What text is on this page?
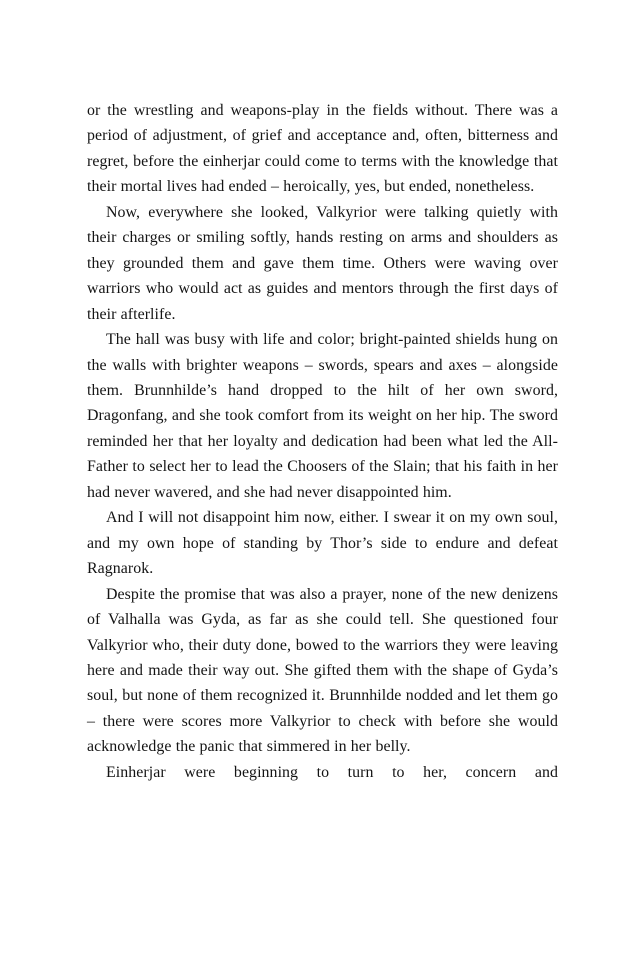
or the wrestling and weapons-play in the fields without. There was a period of adjustment, of grief and acceptance and, often, bitterness and regret, before the einherjar could come to terms with the knowledge that their mortal lives had ended – heroically, yes, but ended, nonetheless.

Now, everywhere she looked, Valkyrior were talking quietly with their charges or smiling softly, hands resting on arms and shoulders as they grounded them and gave them time. Others were waving over warriors who would act as guides and mentors through the first days of their afterlife.

The hall was busy with life and color; bright-painted shields hung on the walls with brighter weapons – swords, spears and axes – alongside them. Brunnhilde’s hand dropped to the hilt of her own sword, Dragonfang, and she took comfort from its weight on her hip. The sword reminded her that her loyalty and dedication had been what led the All-Father to select her to lead the Choosers of the Slain; that his faith in her had never wavered, and she had never disappointed him.

And I will not disappoint him now, either. I swear it on my own soul, and my own hope of standing by Thor’s side to endure and defeat Ragnarok.

Despite the promise that was also a prayer, none of the new denizens of Valhalla was Gyda, as far as she could tell. She questioned four Valkyrior who, their duty done, bowed to the warriors they were leaving here and made their way out. She gifted them with the shape of Gyda’s soul, but none of them recognized it. Brunnhilde nodded and let them go – there were scores more Valkyrior to check with before she would acknowledge the panic that simmered in her belly.

Einherjar were beginning to turn to her, concern and
